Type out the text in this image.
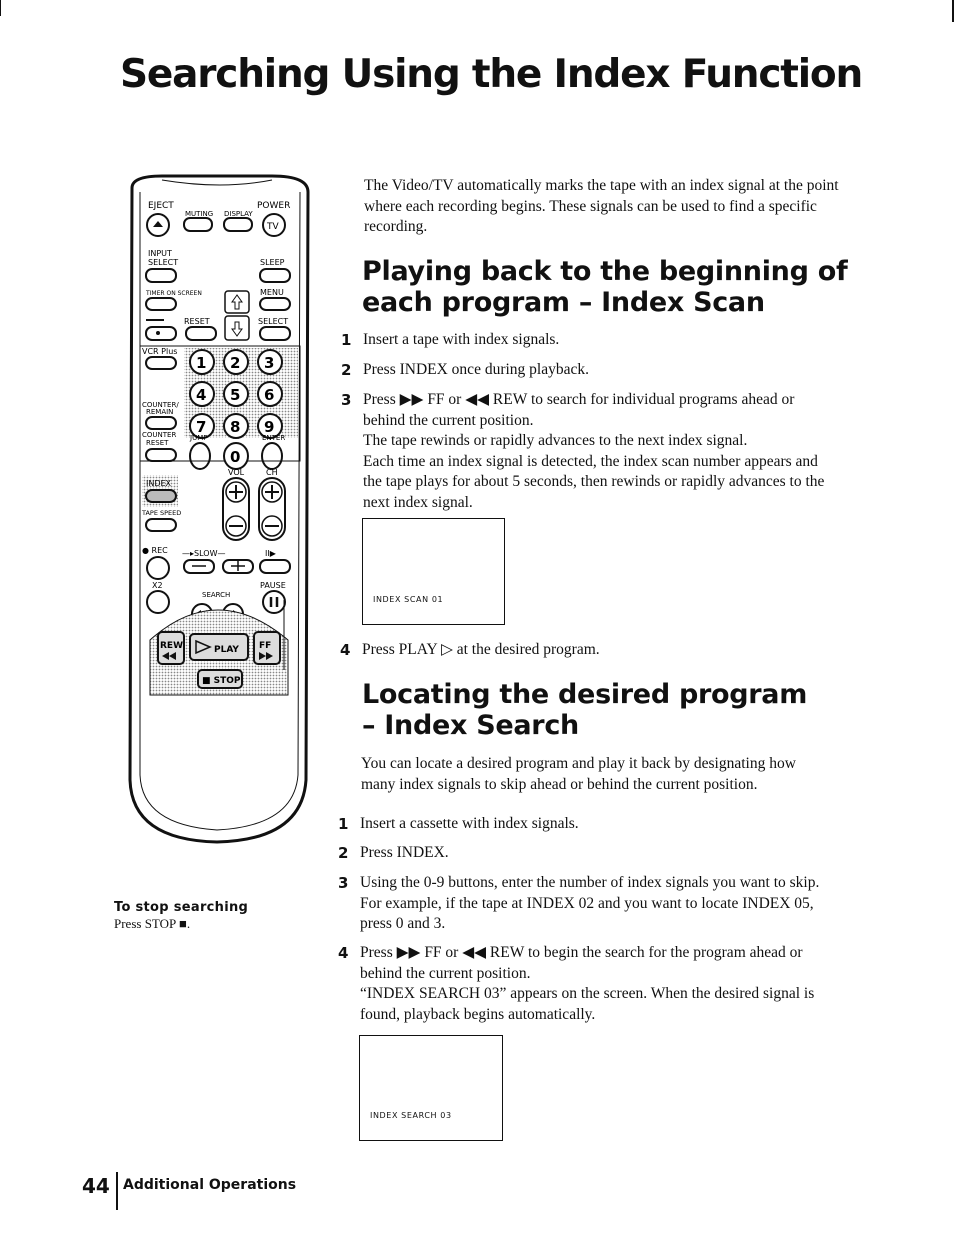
Searching Using the Index Function
EJECT
MUTING DISPLAY
POWER
TV
INPUT
SELECT	SLEEP
TIMER ON SCREEN	MENU
RESET	SELECT
VCR Plus
COUNTER/
REMAIN
COUNTER
RESET
1 2 3
4 5 6
7 8 9
JUMP	ENTER
0
VOL	CH
INDEX
TAPE SPEED
● REC —▸SLOW—	II▶
X2	PAUSE
SEARCH
REW	PLAY FF
■ STOP
The Video/TV automatically marks the tape with an index signal at the point where each recording begins. These signals can be used to find a specific recording.
Playing back to the beginning of
each program – Index Scan
1 Insert a tape with index signals.
2 Press INDEX once during playback.
3 Press ▶▶ FF or ◀◀ REW to search for individual programs ahead or
behind the current position.
The tape rewinds or rapidly advances to the next index signal.
Each time an index signal is detected, the index scan number appears and
the tape plays for about 5 seconds, then rewinds or rapidly advances to the
next index signal.
INDEX SCAN 01
4 Press PLAY ▷ at the desired program.
Locating the desired program
– Index Search
You can locate a desired program and play it back by designating how
many index signals to skip ahead or behind the current position.
1 Insert a cassette with index signals.
2 Press INDEX.
3 Using the 0-9 buttons, enter the number of index signals you want to skip.
For example, if the tape at INDEX 02 and you want to locate INDEX 05,
press 0 and 3.
4 Press ▶▶ FF or ◀◀ REW to begin the search for the program ahead or
behind the current position.
“INDEX SEARCH 03” appears on the screen. When the desired signal is
found, playback begins automatically.
INDEX SEARCH 03
To stop searching
Press STOP ■.
44 Additional Operations
